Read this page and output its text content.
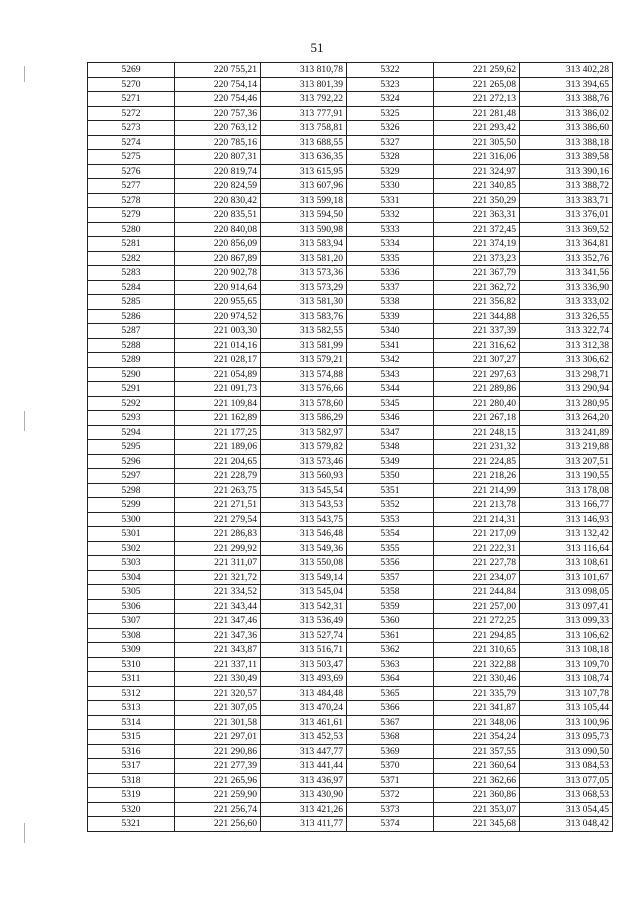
51
5269	220 755,21	313 810,78	5322	221 259,62	313 402,28
5270	220 754,14	313 801,39	5323	221 265,08	313 394,65
5271	220 754,46	313 792,22	5324	221 272,13	313 388,76
5272	220 757,36	313 777,91	5325	221 281,48	313 386,02
5273	220 763,12	313 758,81	5326	221 293,42	313 386,60
5274	220 785,16	313 688,55	5327	221 305,50	313 388,18
5275	220 807,31	313 636,35	5328	221 316,06	313 389,58
5276	220 819,74	313 615,95	5329	221 324,97	313 390,16
5277	220 824,59	313 607,96	5330	221 340,85	313 388,72
5278	220 830,42	313 599,18	5331	221 350,29	313 383,71
5279	220 835,51	313 594,50	5332	221 363,31	313 376,01
5280	220 840,08	313 590,98	5333	221 372,45	313 369,52
5281	220 856,09	313 583,94	5334	221 374,19	313 364,81
5282	220 867,89	313 581,20	5335	221 373,23	313 352,76
5283	220 902,78	313 573,36	5336	221 367,79	313 341,56
5284	220 914,64	313 573,29	5337	221 362,72	313 336,90
5285	220 955,65	313 581,30	5338	221 356,82	313 333,02
5286	220 974,52	313 583,76	5339	221 344,88	313 326,55
5287	221 003,30	313 582,55	5340	221 337,39	313 322,74
5288	221 014,16	313 581,99	5341	221 316,62	313 312,38
5289	221 028,17	313 579,21	5342	221 307,27	313 306,62
5290	221 054,89	313 574,88	5343	221 297,63	313 298,71
5291	221 091,73	313 576,66	5344	221 289,86	313 290,94
5292	221 109,84	313 578,60	5345	221 280,40	313 280,95
5293	221 162,89	313 586,29	5346	221 267,18	313 264,20
5294	221 177,25	313 582,97	5347	221 248,15	313 241,89
5295	221 189,06	313 579,82	5348	221 231,32	313 219,88
5296	221 204,65	313 573,46	5349	221 224,85	313 207,51
5297	221 228,79	313 560,93	5350	221 218,26	313 190,55
5298	221 263,75	313 545,54	5351	221 214,99	313 178,08
5299	221 271,51	313 543,53	5352	221 213,78	313 166,77
5300	221 279,54	313 543,75	5353	221 214,31	313 146,93
5301	221 286,83	313 546,48	5354	221 217,09	313 132,42
5302	221 299,92	313 549,36	5355	221 222,31	313 116,64
5303	221 311,07	313 550,08	5356	221 227,78	313 108,61
5304	221 321,72	313 549,14	5357	221 234,07	313 101,67
5305	221 334,52	313 545,04	5358	221 244,84	313 098,05
5306	221 343,44	313 542,31	5359	221 257,00	313 097,41
5307	221 347,46	313 536,49	5360	221 272,25	313 099,33
5308	221 347,36	313 527,74	5361	221 294,85	313 106,62
5309	221 343,87	313 516,71	5362	221 310,65	313 108,18
5310	221 337,11	313 503,47	5363	221 322,88	313 109,70
5311	221 330,49	313 493,69	5364	221 330,46	313 108,74
5312	221 320,57	313 484,48	5365	221 335,79	313 107,78
5313	221 307,05	313 470,24	5366	221 341,87	313 105,44
5314	221 301,58	313 461,61	5367	221 348,06	313 100,96
5315	221 297,01	313 452,53	5368	221 354,24	313 095,73
5316	221 290,86	313 447,77	5369	221 357,55	313 090,50
5317	221 277,39	313 441,44	5370	221 360,64	313 084,53
5318	221 265,96	313 436,97	5371	221 362,66	313 077,05
5319	221 259,90	313 430,90	5372	221 360,86	313 068,53
5320	221 256,74	313 421,26	5373	221 353,07	313 054,45
5321	221 256,60	313 411,77	5374	221 345,68	313 048,42
